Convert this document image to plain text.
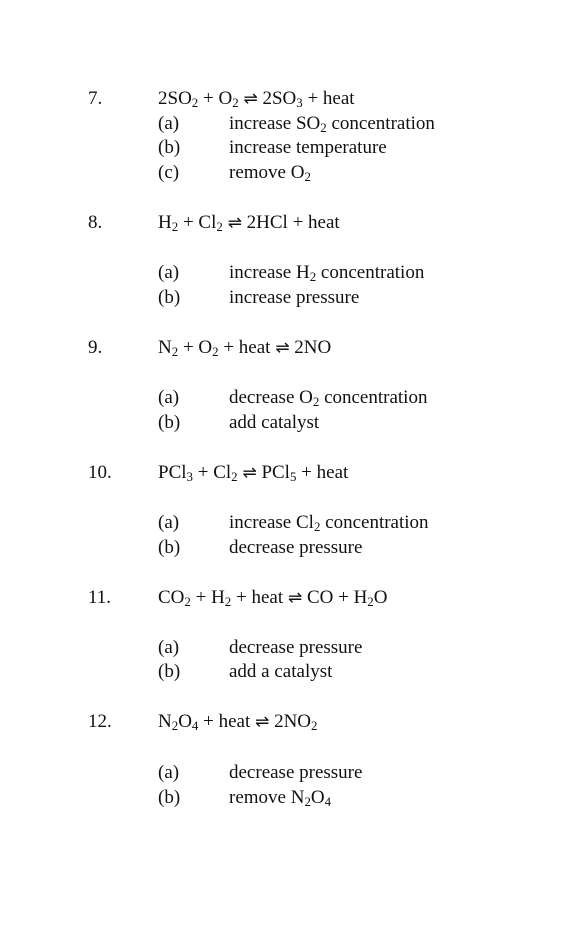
7.	$2SO_2 + O_2$ ⇌ $2SO_3$ + heat
(a)	increase $SO_2$ concentration
(b)	increase temperature
(c)	remove $O_2$
8.	$H_2 + Cl_2$ ⇌ 2HCl + heat
(a)	increase $H_2$ concentration
(b)	increase pressure
9.	$N_2 + O_2$ + heat ⇌ 2NO
(a)	decrease $O_2$ concentration
(b)	add catalyst
10. $PCl_3 + Cl_2$ ⇌ PCl$_5$ + heat
(a)	increase $Cl_2$ concentration
(b)	decrease pressure
11. $CO_2 + H_2$ + heat ⇌ CO + $H_2O$
(a)	decrease pressure
(b)	add a catalyst
12. $N_2O_4$ + heat ⇌ $2NO_2$
(a)	decrease pressure
(b)	remove $N_2O_4$
